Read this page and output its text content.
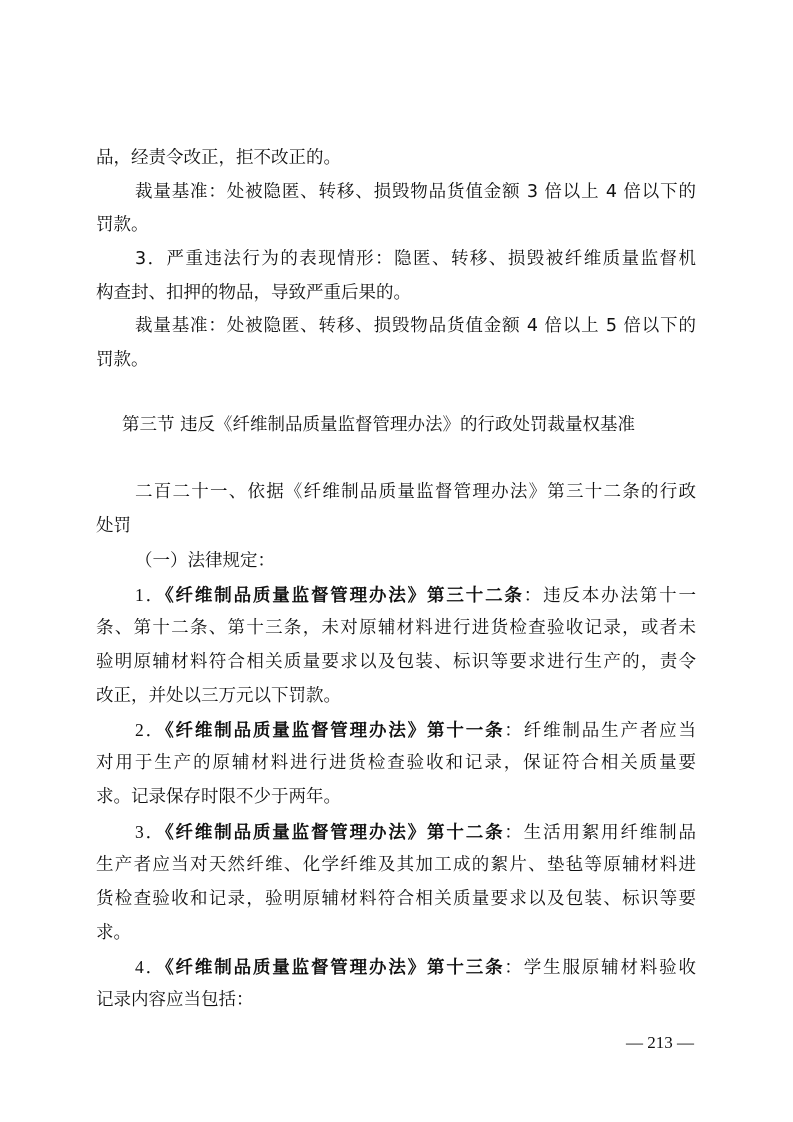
品，经责令改正，拒不改正的。
裁量基准：处被隐匿、转移、损毁物品货值金额 3 倍以上 4 倍以下的
罚款。
3．严重违法行为的表现情形：隐匿、转移、损毁被纤维质量监督机
构查封、扣押的物品，导致严重后果的。
裁量基准：处被隐匿、转移、损毁物品货值金额 4 倍以上 5 倍以下的
罚款。
第三节 违反《纤维制品质量监督管理办法》的行政处罚裁量权基准
二百二十一、依据《纤维制品质量监督管理办法》第三十二条的行政
处罚
（一）法律规定：
1．《纤维制品质量监督管理办法》第三十二条：违反本办法第十一
条、第十二条、第十三条，未对原辅材料进行进货检查验收记录，或者未
验明原辅材料符合相关质量要求以及包装、标识等要求进行生产的，责令
改正，并处以三万元以下罚款。
2．《纤维制品质量监督管理办法》第十一条：纤维制品生产者应当
对用于生产的原辅材料进行进货检查验收和记录，保证符合相关质量要
求。记录保存时限不少于两年。
3．《纤维制品质量监督管理办法》第十二条：生活用絮用纤维制品
生产者应当对天然纤维、化学纤维及其加工成的絮片、垫毡等原辅材料进
货检查验收和记录，验明原辅材料符合相关质量要求以及包装、标识等要
求。
4．《纤维制品质量监督管理办法》第十三条：学生服原辅材料验收
记录内容应当包括：
— 213 —
